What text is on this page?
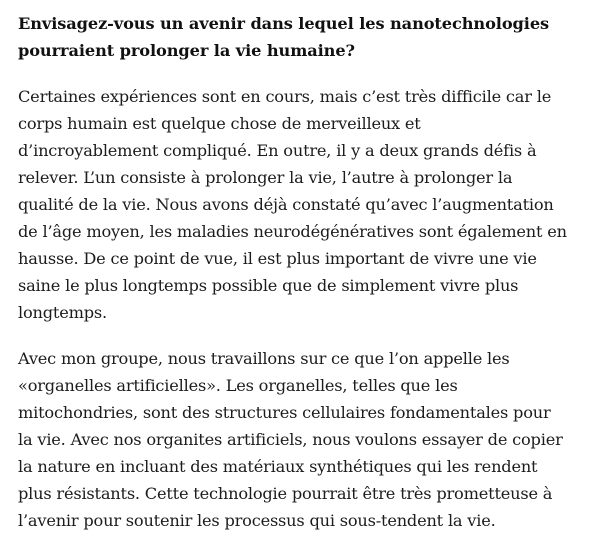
Envisagez-vous un avenir dans lequel les nanotechnologies
pourraient prolonger la vie humaine?

Certaines expériences sont en cours, mais c’est très difficile car le
corps humain est quelque chose de merveilleux et
d’incroyablement compliqué. En outre, il y a deux grands défis à
relever. L’un consiste à prolonger la vie, l’autre à prolonger la
qualité de la vie. Nous avons déjà constaté qu’avec l’augmentation
de l’âge moyen, les maladies neurodégénératives sont également en
hausse. De ce point de vue, il est plus important de vivre une vie
saine le plus longtemps possible que de simplement vivre plus
longtemps.

Avec mon groupe, nous travaillons sur ce que l’on appelle les
«organelles artificielles». Les organelles, telles que les
mitochondries, sont des structures cellulaires fondamentales pour
la vie. Avec nos organites artificiels, nous voulons essayer de copier
la nature en incluant des matériaux synthétiques qui les rendent
plus résistants. Cette technologie pourrait être très prometteuse à
l’avenir pour soutenir les processus qui sous-tendent la vie.
